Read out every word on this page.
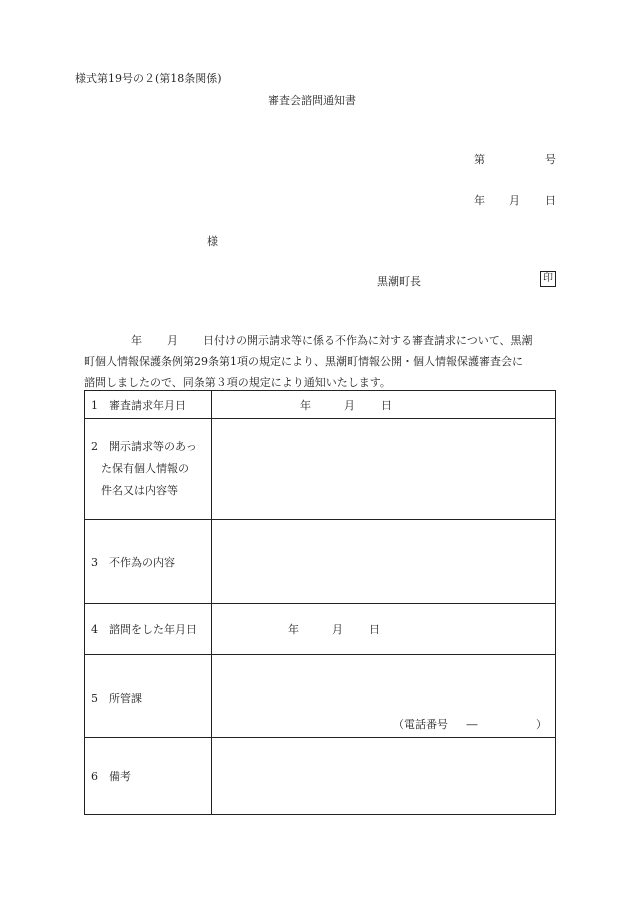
様式第19号の２(第18条関係)
審査会諮問通知書
第	号
年 月 日
様
黒潮町長	印
年 月 日付けの開示請求等に係る不作為に対する審査請求について、黒潮
町個人情報保護条例第29条第1項の規定により、黒潮町情報公開・個人情報保護審査会に
諮問しましたので、同条第３項の規定により通知いたします。
1 審査請求年月日	年 月 日

2 開示請求等のあっ
た保有個人情報の
件名又は内容等	

3 不作為の内容	
4 諮問をした年月日	年 月 日
5 所管課	（電話番号 ― ）

6 備考	
